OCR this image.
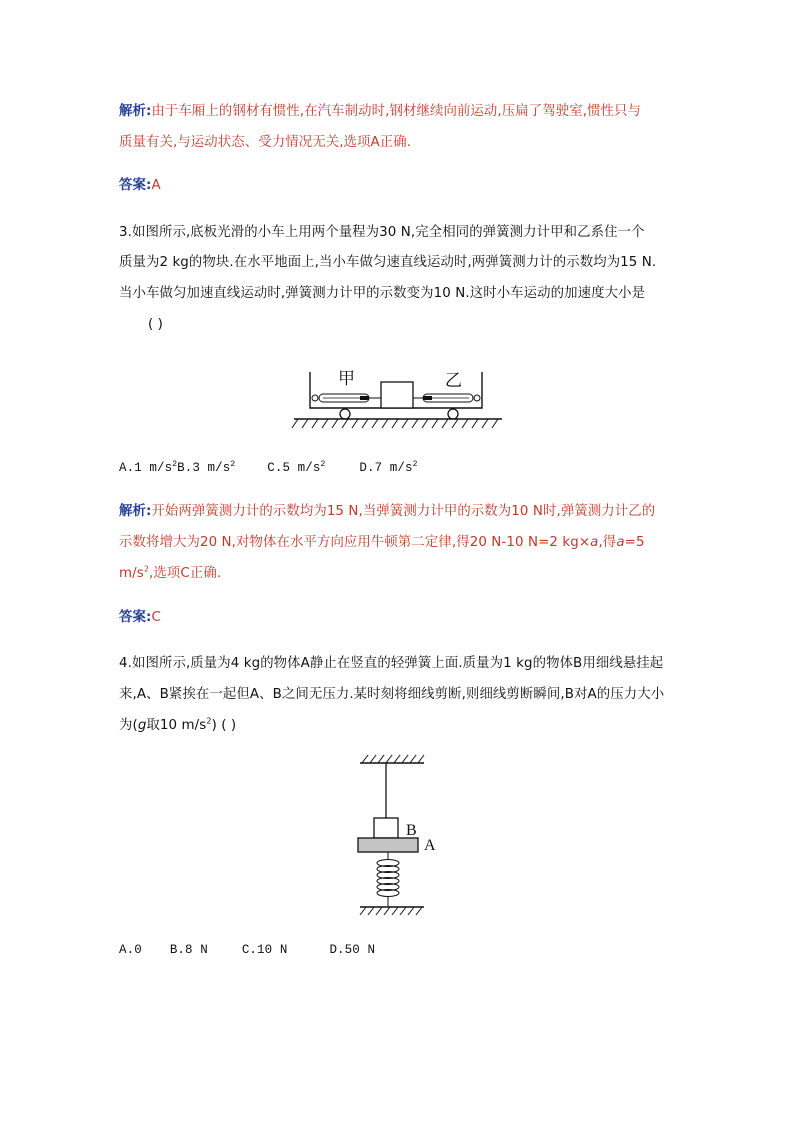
解析:由于车厢上的钢材有惯性,在汽车制动时,钢材继续向前运动,压扁了驾驶室,惯性只与
质量有关,与运动状态、受力情况无关,选项A正确.
答案:A
3.如图所示,底板光滑的小车上用两个量程为30 N,完全相同的弹簧测力计甲和乙系住一个
质量为2 kg的物块.在水平地面上,当小车做匀速直线运动时,两弹簧测力计的示数均为15 N.
当小车做匀加速直线运动时,弹簧测力计甲的示数变为10 N.这时小车运动的加速度大小是
( )
甲	乙
A.1 $m/s^2B.3$ $m/s^2$	C.5 $m/s^2$	D.7 $m/s^2$
解析:开始两弹簧测力计的示数均为15 N,当弹簧测力计甲的示数为10 N时,弹簧测力计乙的
示数将增大为20 N,对物体在水平方向应用牛顿第二定律,得20 N-10 N=2 kg×a,得a=5
$m/s^2$,选项C正确.
答案:C
4.如图所示,质量为4 kg的物体A静止在竖直的轻弹簧上面.质量为1 kg的物体B用细线悬挂起
来,A、B紧挨在一起但A、B之间无压力.某时刻将细线剪断,则细线剪断瞬间,B对A的压力大小
为(g取10 $m/s^2$) ( )
B
A
A.0 B.8 N	C.10 N	D.50 N
